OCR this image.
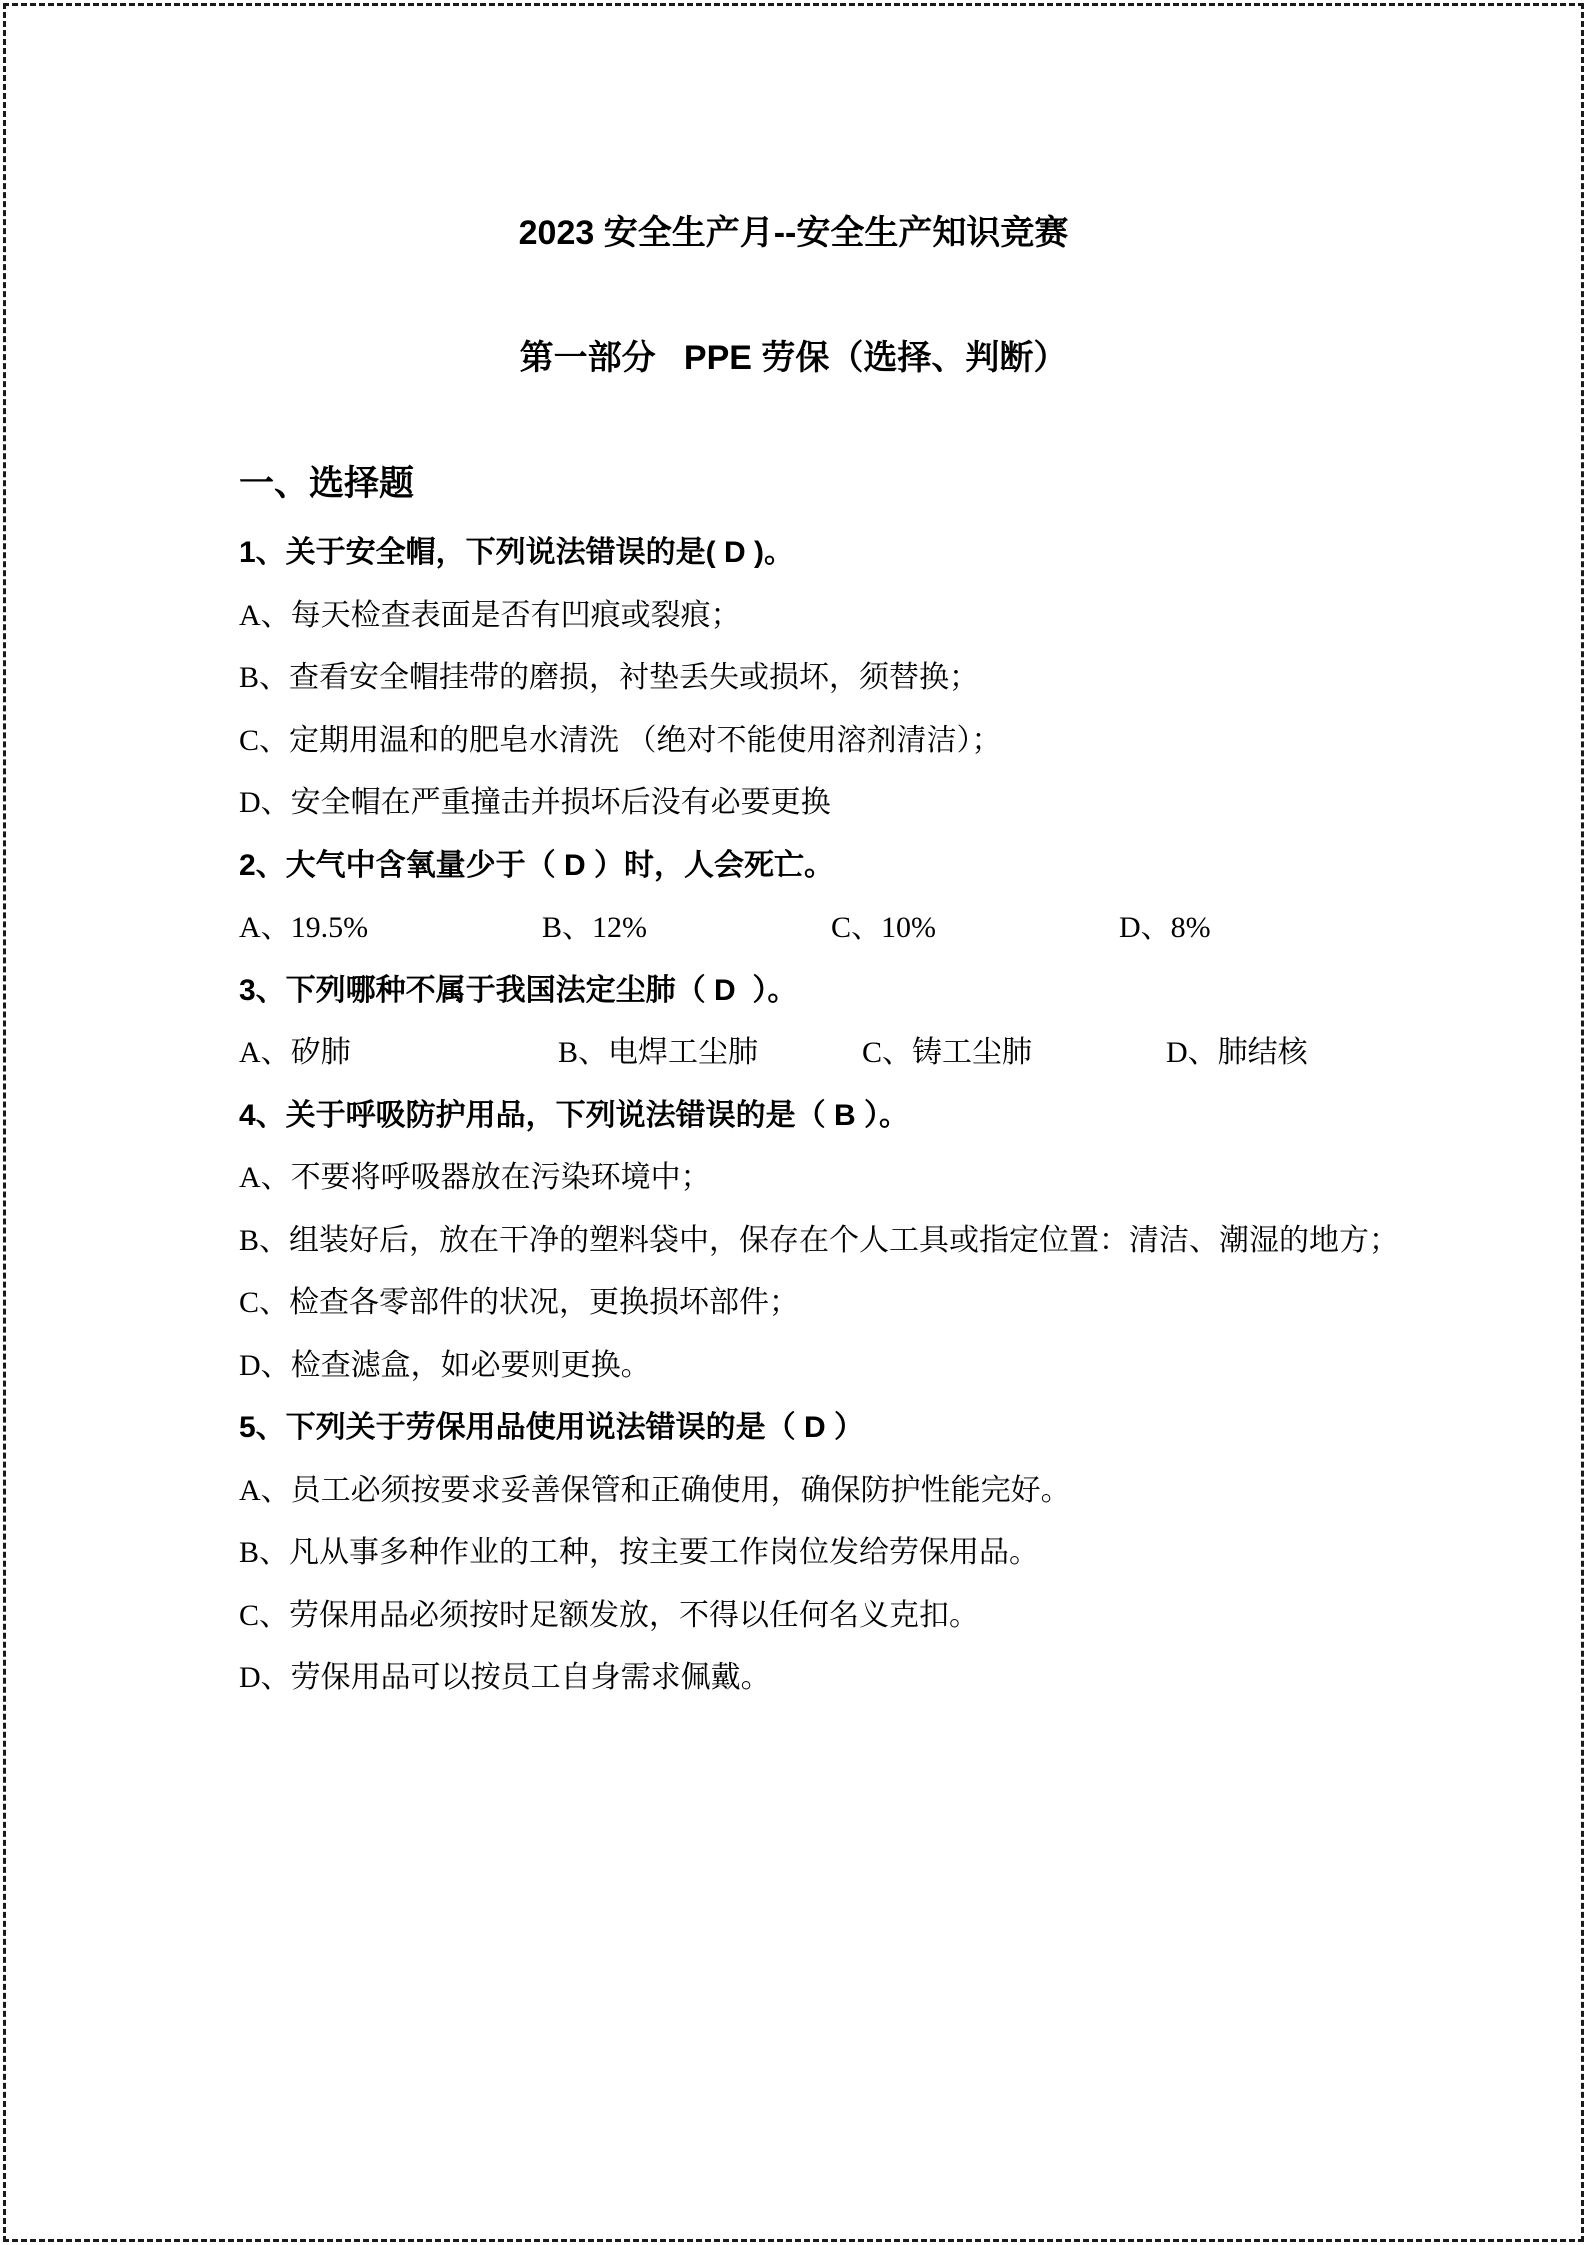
2023 安全生产月--安全生产知识竞赛
第一部分   PPE 劳保（选择、判断）
一、选择题
1、关于安全帽，下列说法错误的是( D )。
A、每天检查表面是否有凹痕或裂痕；
B、查看安全帽挂带的磨损，衬垫丢失或损坏，须替换；
C、定期用温和的肥皂水清洗 （绝对不能使用溶剂清洁）；
D、安全帽在严重撞击并损坏后没有必要更换
2、大气中含氧量少于（ D ）时，人会死亡。
A、19.5%	B、12%	C、10%	D、8%
3、下列哪种不属于我国法定尘肺（ D  ）。
A、矽肺	B、电焊工尘肺	C、铸工尘肺	D、肺结核
4、关于呼吸防护用品，下列说法错误的是（ B ）。
A、不要将呼吸器放在污染环境中；
B、组装好后，放在干净的塑料袋中，保存在个人工具或指定位置：清洁、潮湿的地方；
C、检查各零部件的状况，更换损坏部件；
D、检查滤盒，如必要则更换。
5、下列关于劳保用品使用说法错误的是（ D ）
A、员工必须按要求妥善保管和正确使用，确保防护性能完好。
B、凡从事多种作业的工种，按主要工作岗位发给劳保用品。
C、劳保用品必须按时足额发放，不得以任何名义克扣。
D、劳保用品可以按员工自身需求佩戴。
